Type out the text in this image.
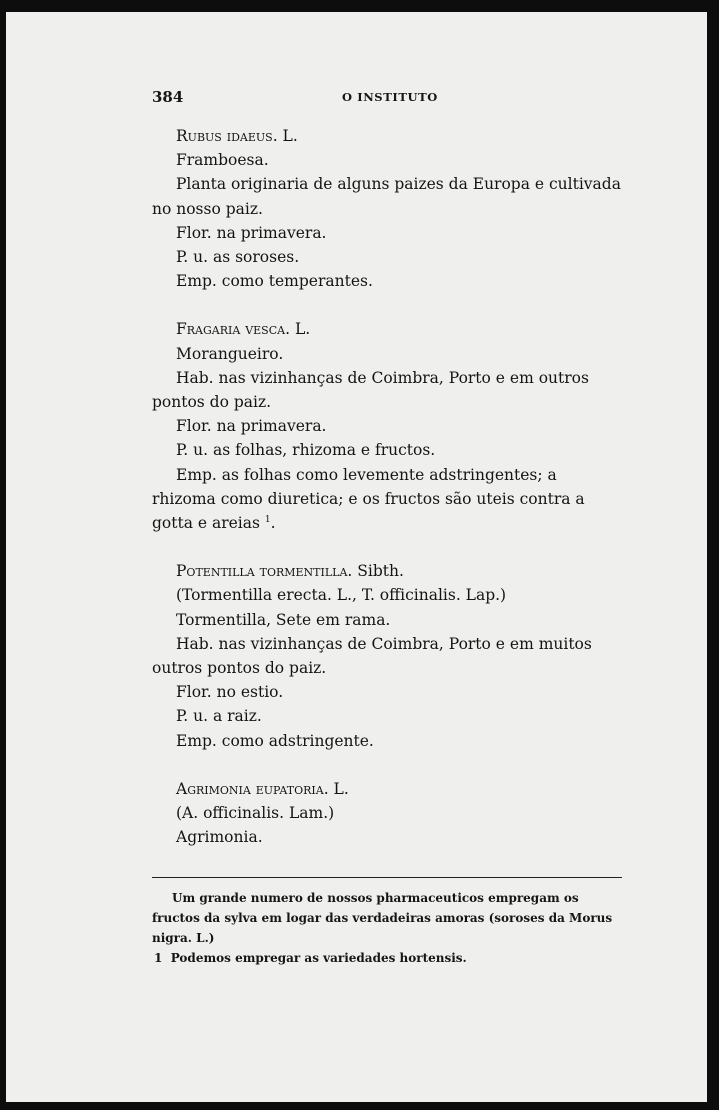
384	O INSTITUTO
Rubus idaeus. L.

Framboesa.

Planta originaria de alguns paizes da Europa e cultivada no nosso paiz.

Flor. na primavera.

P. u. as soroses.

Emp. como temperantes.

Fragaria vesca. L.

Morangueiro.

Hab. nas vizinhanças de Coimbra, Porto e em outros pontos do paiz.

Flor. na primavera.

P. u. as folhas, rhizoma e fructos.

Emp. as folhas como levemente adstringentes; a rhizoma como diuretica; e os fructos são uteis contra a gotta e areias $^1$.

Potentilla tormentilla. Sibth.

(Tormentilla erecta. L., T. officinalis. Lap.)

Tormentilla, Sete em rama.

Hab. nas vizinhanças de Coimbra, Porto e em muitos outros pontos do paiz.

Flor. no estio.

P. u. a raiz.

Emp. como adstringente.

Agrimonia eupatoria. L.

(A. officinalis. Lam.)

Agrimonia.

Um grande numero de nossos pharmaceuticos empregam os fructos da sylva em logar das verdadeiras amoras (soroses da Morus nigra. L.)

1 Podemos empregar as variedades hortensis.
